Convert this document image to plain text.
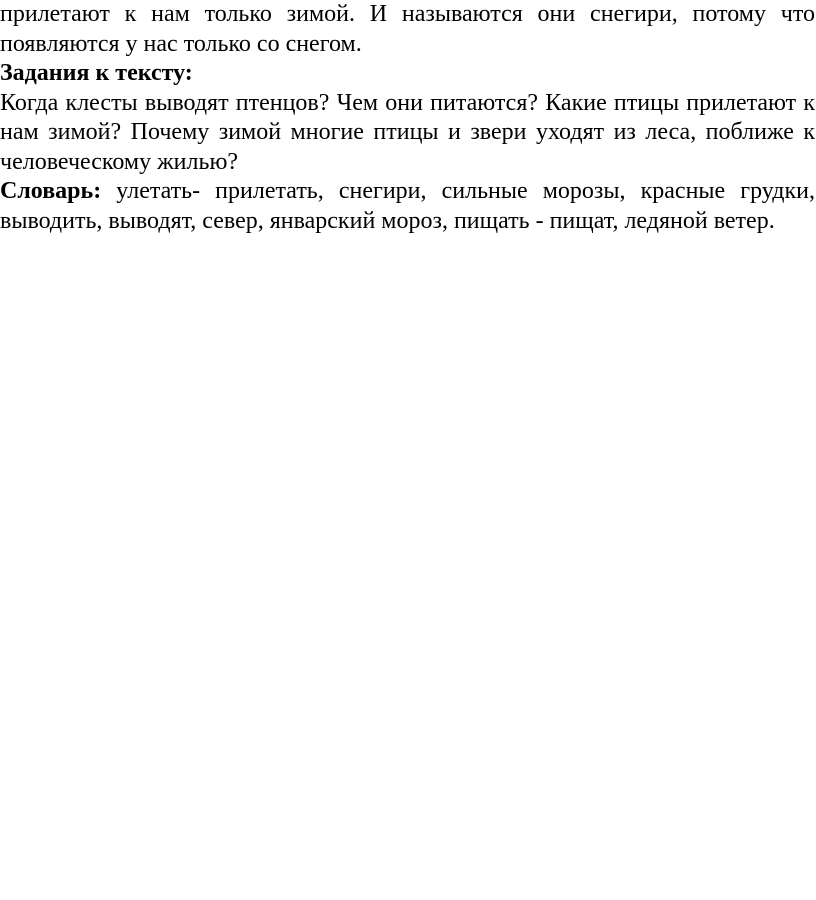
прилетают к нам только зимой. И называются они снегири, потому что появляются у нас только со снегом.

Задания к тексту:

Когда клесты выводят птенцов? Чем они питаются? Какие птицы прилетают к нам зимой? Почему зимой многие птицы и звери уходят из леса, поближе к человеческому жилью?

Словарь: улетать- прилетать, снегири, сильные морозы, красные грудки, выводить, выводят, север, январский мороз, пищать - пищат, ледяной ветер.
